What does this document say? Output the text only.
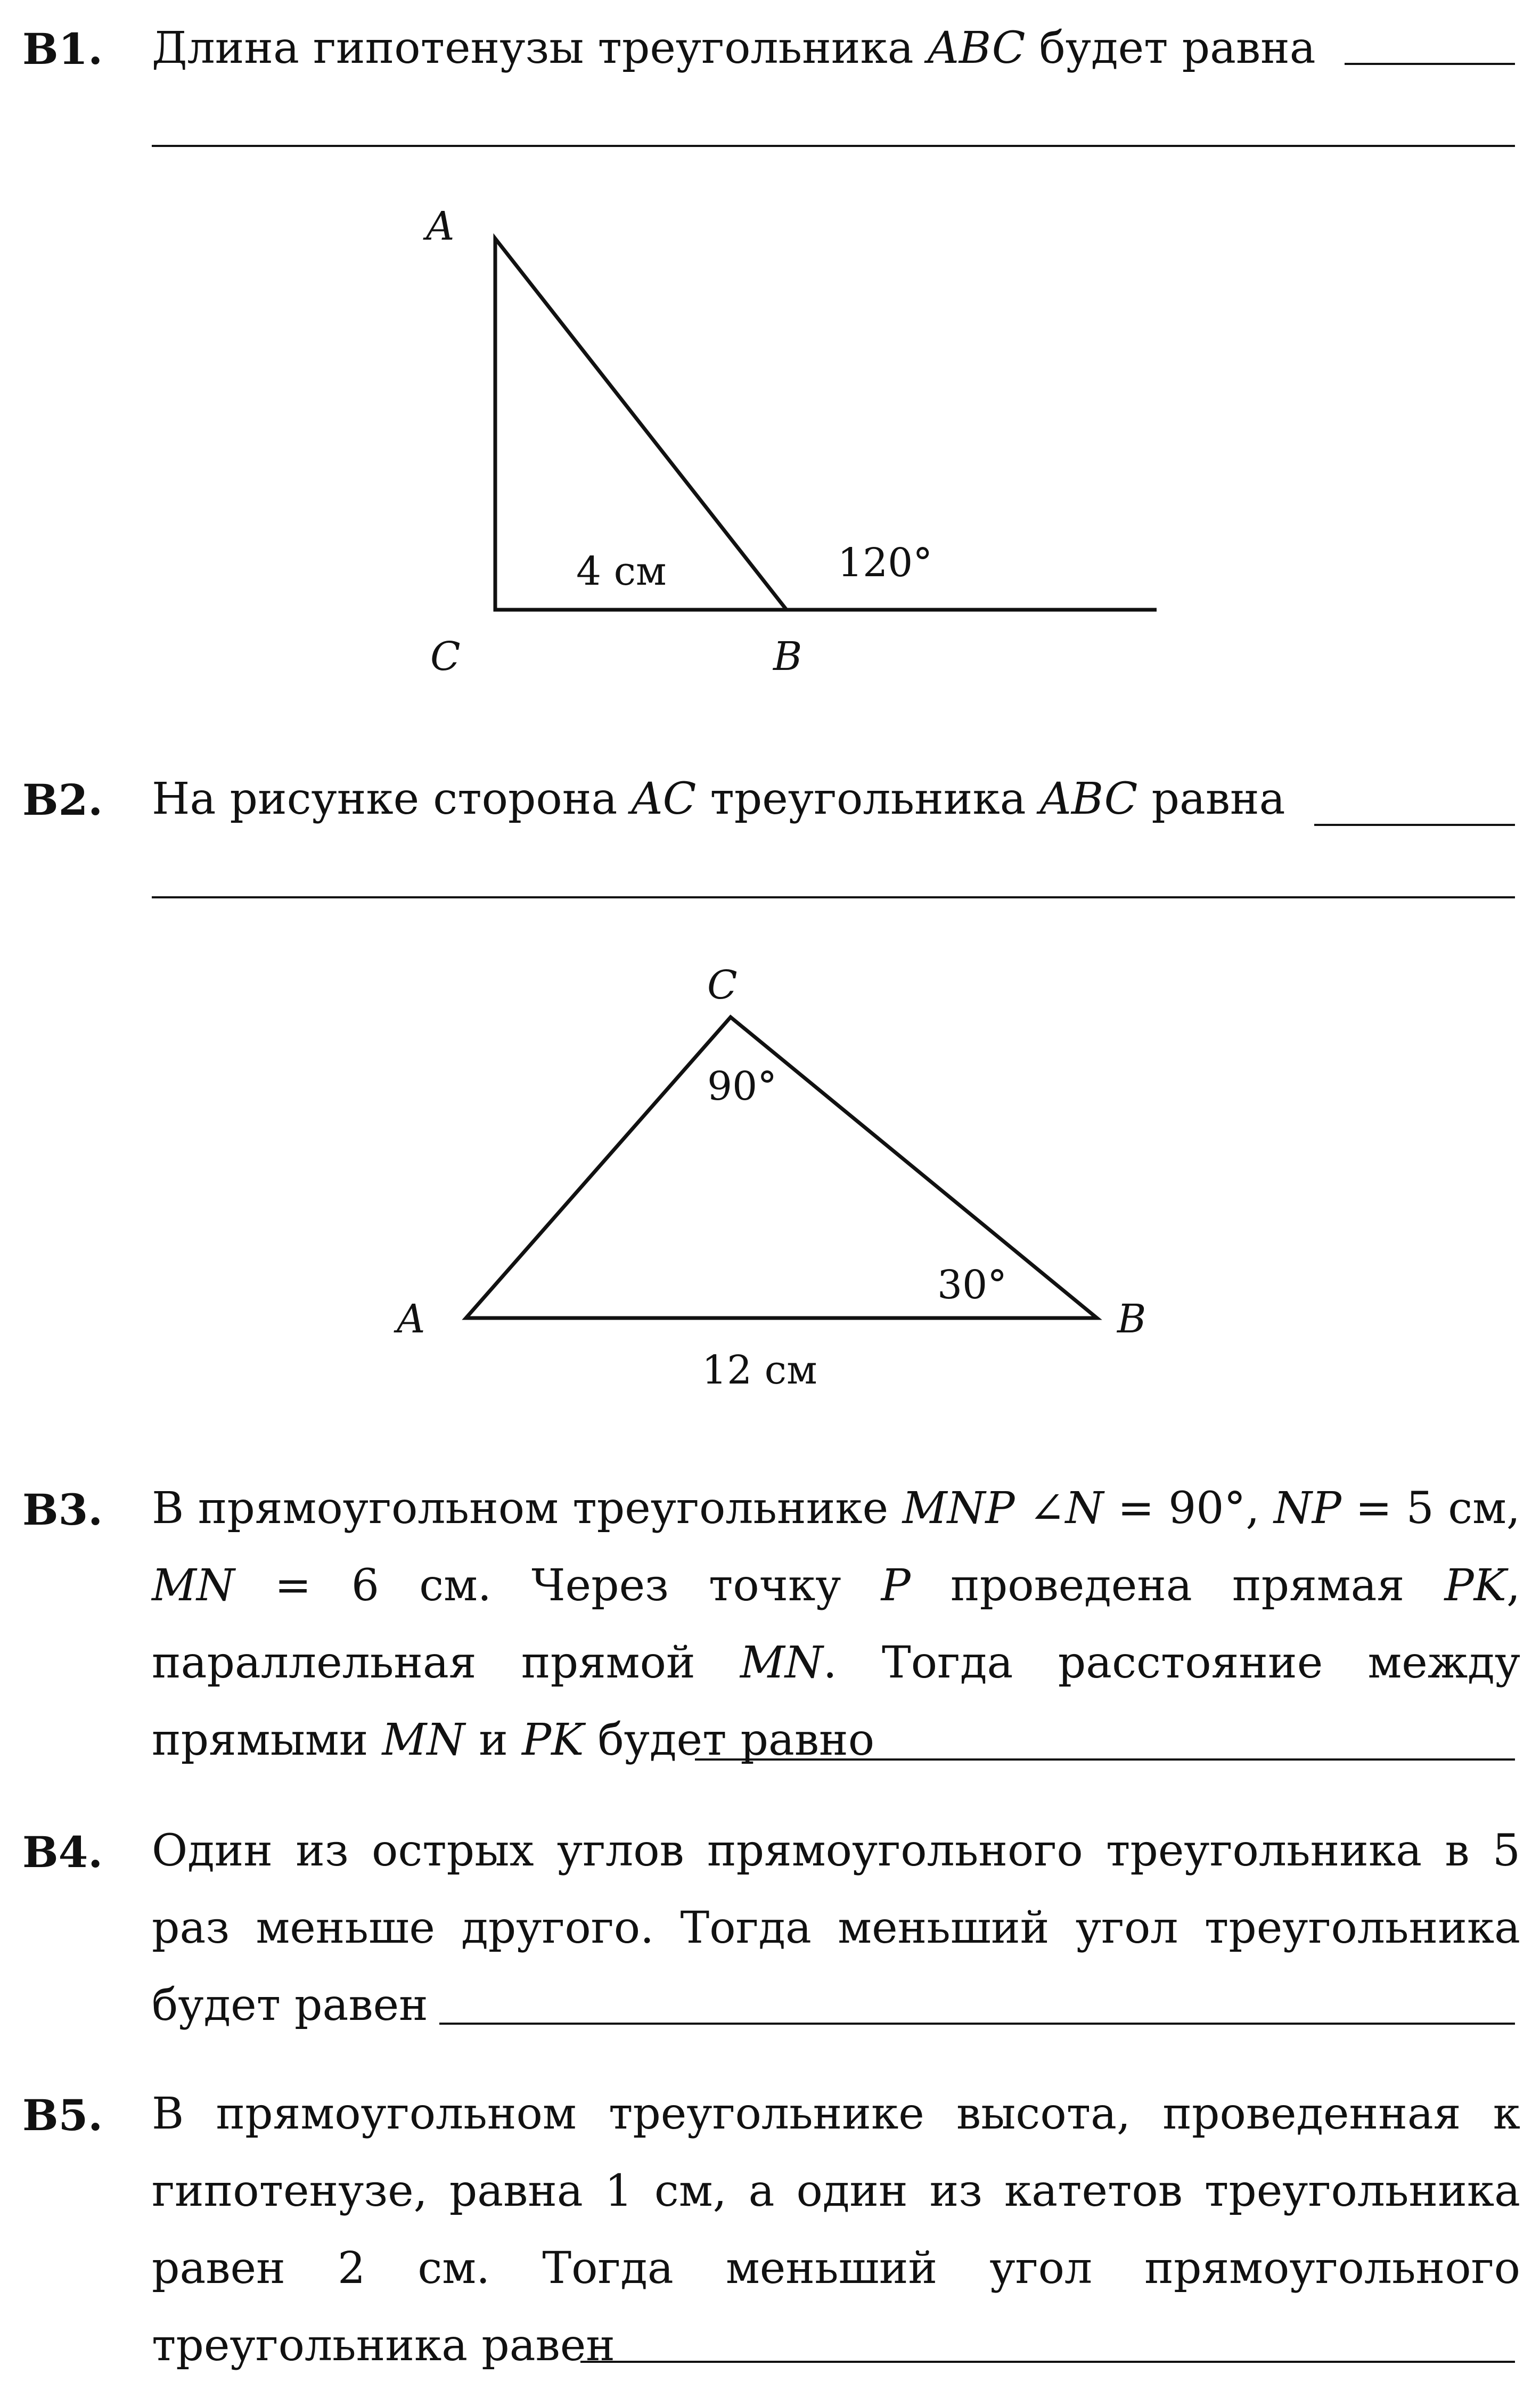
B1. Длина гипотенузы треугольника ABC будет равна
A
C	B
4 см	120°
B2. На рисунке сторона AC треугольника ABC равна
C
A	B
90°
30°
12 см
B3. В прямоугольном треугольнике MNP ∠N = 90°, NP = 5 см, MN = 6 см. Через точку P проведена прямая PK, параллельная прямой MN. Тогда расстояние между прямыми MN и PK будет равно
B4. Один из острых углов прямоугольного треугольника в 5 раз меньше другого. Тогда меньший угол треугольника будет равен
B5. В прямоугольном треугольнике высота, проведенная к гипотенузе, равна 1 см, а один из катетов треугольника равен 2 см. Тогда меньший угол прямоугольного треугольника равен
